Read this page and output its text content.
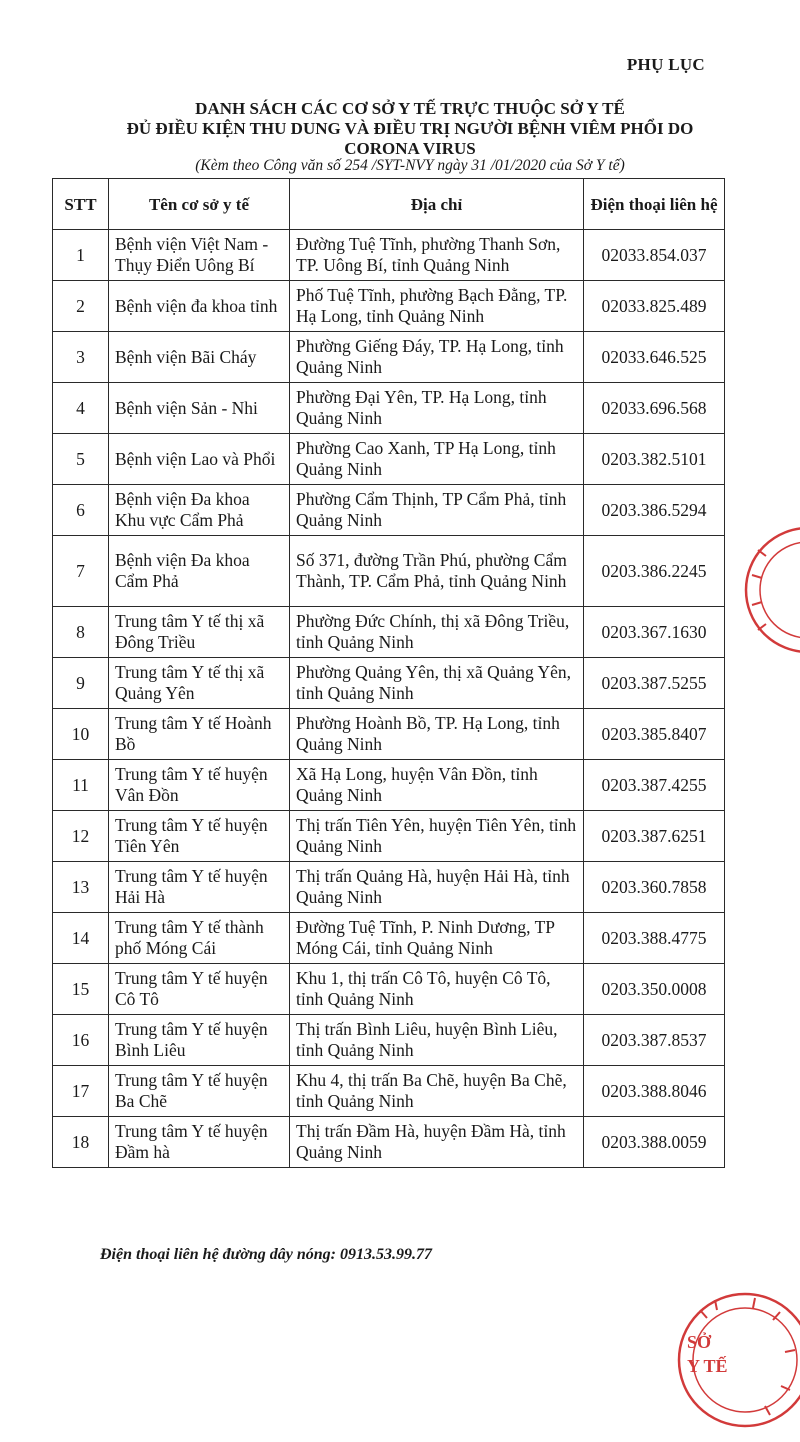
PHỤ LỤC
DANH SÁCH CÁC CƠ SỞ Y TẾ TRỰC THUỘC SỞ Y TẾ
ĐỦ ĐIỀU KIỆN THU DUNG VÀ ĐIỀU TRỊ NGƯỜI BỆNH VIÊM PHỔI DO
CORONA VIRUS
(Kèm theo Công văn số 254 /SYT-NVY ngày 31 /01/2020 của Sở Y tế)
STT	Tên cơ sở y tế	Địa chỉ	Điện thoại liên hệ
1	Bệnh viện Việt Nam - Thụy Điển Uông Bí	Đường Tuệ Tĩnh, phường Thanh Sơn, TP. Uông Bí, tỉnh Quảng Ninh	02033.854.037
2	Bệnh viện đa khoa tỉnh	Phố Tuệ Tĩnh, phường Bạch Đằng, TP. Hạ Long, tỉnh Quảng Ninh	02033.825.489
3	Bệnh viện Bãi Cháy	Phường Giếng Đáy, TP. Hạ Long, tỉnh Quảng Ninh	02033.646.525
4	Bệnh viện Sản - Nhi	Phường Đại Yên, TP. Hạ Long, tỉnh Quảng Ninh	02033.696.568
5	Bệnh viện Lao và Phổi	Phường Cao Xanh, TP Hạ Long, tỉnh Quảng Ninh	0203.382.5101
6	Bệnh viện Đa khoa Khu vực Cẩm Phả	Phường Cẩm Thịnh, TP Cẩm Phả, tỉnh Quảng Ninh	0203.386.5294
7	Bệnh viện Đa khoa Cẩm Phả	Số 371, đường Trần Phú, phường Cẩm Thành, TP. Cẩm Phả, tỉnh Quảng Ninh	0203.386.2245
8	Trung tâm Y tế thị xã Đông Triều	Phường Đức Chính, thị xã Đông Triều, tỉnh Quảng Ninh	0203.367.1630
9	Trung tâm Y tế thị xã Quảng Yên	Phường Quảng Yên, thị xã Quảng Yên, tỉnh Quảng Ninh	0203.387.5255
10	Trung tâm Y tế Hoành Bồ	Phường Hoành Bồ, TP. Hạ Long, tỉnh Quảng Ninh	0203.385.8407
11	Trung tâm Y tế huyện Vân Đồn	Xã Hạ Long, huyện Vân Đồn, tỉnh Quảng Ninh	0203.387.4255
12	Trung tâm Y tế huyện Tiên Yên	Thị trấn Tiên Yên, huyện Tiên Yên, tỉnh Quảng Ninh	0203.387.6251
13	Trung tâm Y tế huyện Hải Hà	Thị trấn Quảng Hà, huyện Hải Hà, tỉnh Quảng Ninh	0203.360.7858
14	Trung tâm Y tế thành phố Móng Cái	Đường Tuệ Tĩnh, P. Ninh Dương, TP Móng Cái, tỉnh Quảng Ninh	0203.388.4775
15	Trung tâm Y tế huyện Cô Tô	Khu 1, thị trấn Cô Tô, huyện Cô Tô, tỉnh Quảng Ninh	0203.350.0008
16	Trung tâm Y tế huyện Bình Liêu	Thị trấn Bình Liêu, huyện Bình Liêu, tỉnh Quảng Ninh	0203.387.8537
17	Trung tâm Y tế huyện Ba Chẽ	Khu 4, thị trấn Ba Chẽ, huyện Ba Chẽ, tỉnh Quảng Ninh	0203.388.8046
18	Trung tâm Y tế huyện Đầm hà	Thị trấn Đầm Hà, huyện Đầm Hà, tỉnh Quảng Ninh	0203.388.0059
Điện thoại liên hệ đường dây nóng: 0913.53.99.77
SỞ Y TẾ
